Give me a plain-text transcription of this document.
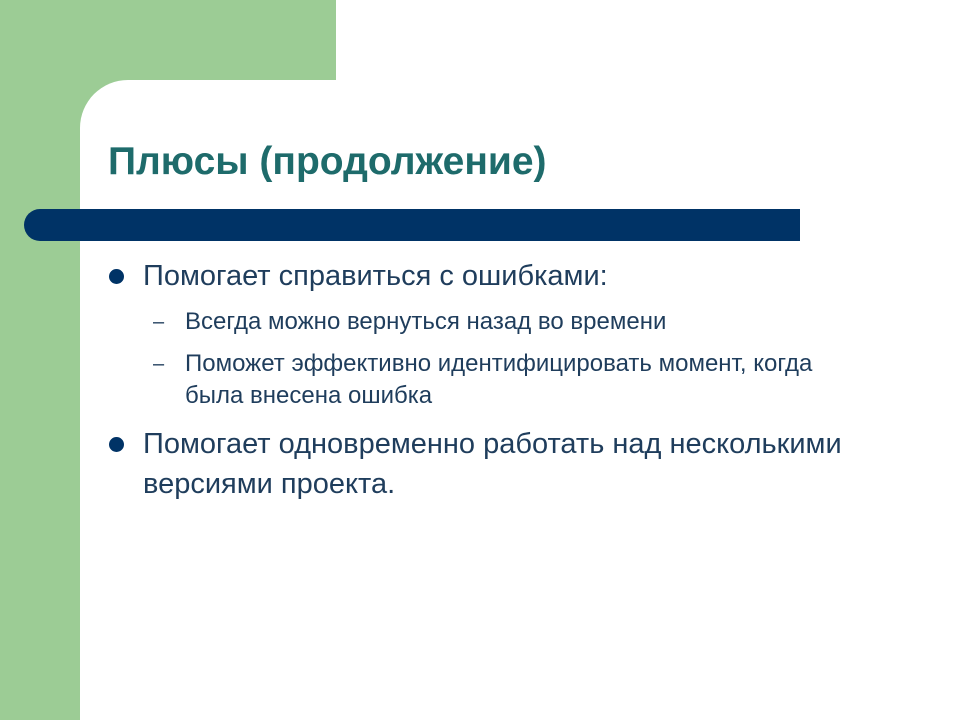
Плюсы (продолжение)
Помогает справиться с ошибками:
– Всегда можно вернуться назад во времени
– Поможет эффективно идентифицировать момент, когда была внесена ошибка
Помогает одновременно работать над несколькими версиями проекта.
